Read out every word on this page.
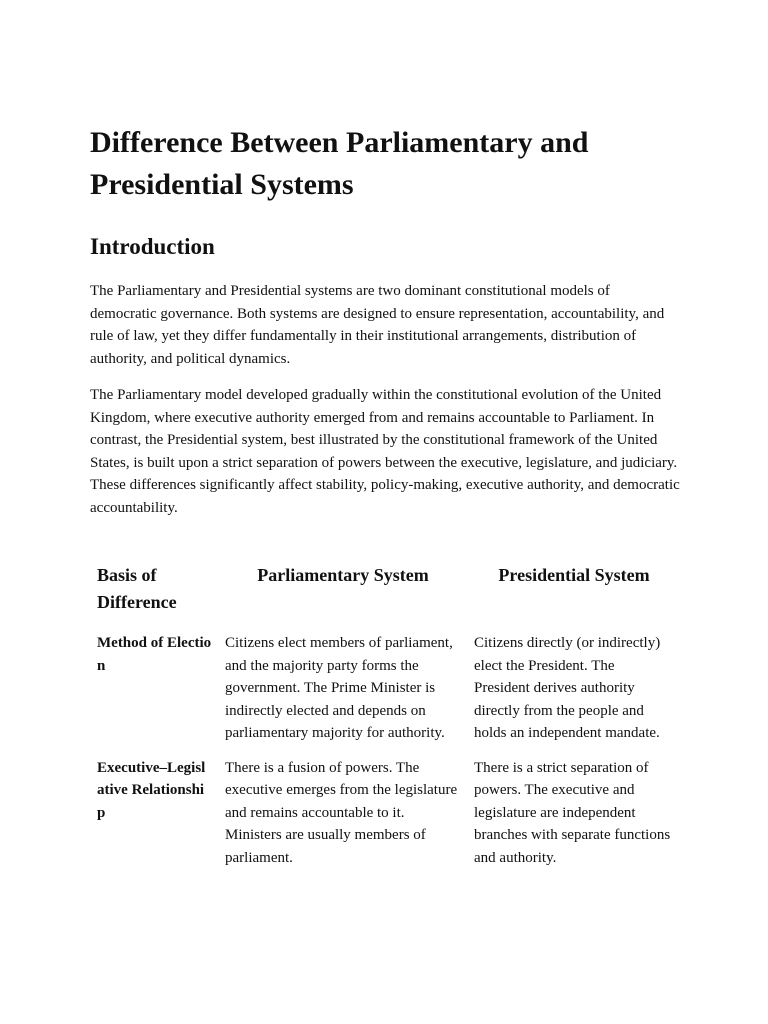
Difference Between Parliamentary and Presidential Systems
Introduction

The Parliamentary and Presidential systems are two dominant constitutional models of democratic governance. Both systems are designed to ensure representation, accountability, and rule of law, yet they differ fundamentally in their institutional arrangements, distribution of authority, and political dynamics.

The Parliamentary model developed gradually within the constitutional evolution of the United Kingdom, where executive authority emerged from and remains accountable to Parliament. In contrast, the Presidential system, best illustrated by the constitutional framework of the United States, is built upon a strict separation of powers between the executive, legislature, and judiciary. These differences significantly affect stability, policy-making, executive authority, and democratic accountability.

Basis of Difference	Parliamentary System	Presidential System
Method of Election	Citizens elect members of parliament, and the majority party forms the government. The Prime Minister is indirectly elected and depends on parliamentary majority for authority.	Citizens directly (or indirectly) elect the President. The President derives authority directly from the people and holds an independent mandate.
Executive–Legislative Relationship	There is a fusion of powers. The executive emerges from the legislature and remains accountable to it. Ministers are usually members of parliament.	There is a strict separation of powers. The executive and legislature are independent branches with separate functions and authority.
